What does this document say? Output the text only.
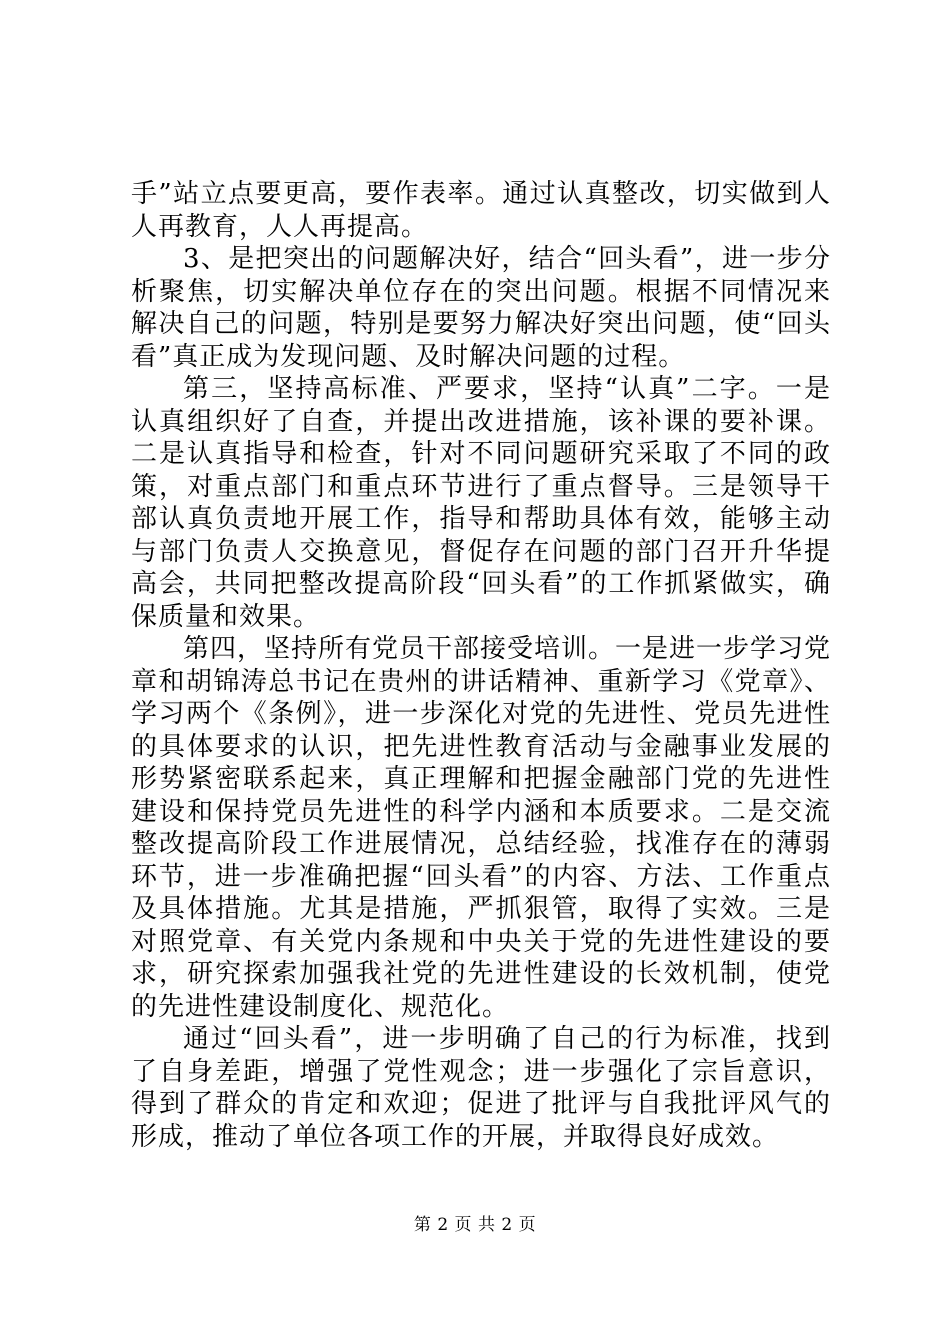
手”站立点要更高，要作表率。通过认真整改，切实做到人人再教育，人人再提高。

3、是把突出的问题解决好，结合“回头看”，进一步分析聚焦，切实解决单位存在的突出问题。根据不同情况来解决自己的问题，特别是要努力解决好突出问题，使“回头看”真正成为发现问题、及时解决问题的过程。

第三，坚持高标准、严要求，坚持“认真”二字。一是认真组织好了自查，并提出改进措施，该补课的要补课。二是认真指导和检查，针对不同问题研究采取了不同的政策，对重点部门和重点环节进行了重点督导。三是领导干部认真负责地开展工作，指导和帮助具体有效，能够主动与部门负责人交换意见，督促存在问题的部门召开升华提高会，共同把整改提高阶段“回头看”的工作抓紧做实，确保质量和效果。

第四，坚持所有党员干部接受培训。一是进一步学习党章和胡锦涛总书记在贵州的讲话精神、重新学习《党章》、学习两个《条例》，进一步深化对党的先进性、党员先进性的具体要求的认识，把先进性教育活动与金融事业发展的形势紧密联系起来，真正理解和把握金融部门党的先进性建设和保持党员先进性的科学内涵和本质要求。二是交流整改提高阶段工作进展情况，总结经验，找准存在的薄弱环节，进一步准确把握“回头看”的内容、方法、工作重点及具体措施。尤其是措施，严抓狠管，取得了实效。三是对照党章、有关党内条规和中央关于党的先进性建设的要求，研究探索加强我社党的先进性建设的长效机制，使党的先进性建设制度化、规范化。

通过“回头看”，进一步明确了自己的行为标准，找到了自身差距，增强了党性观念；进一步强化了宗旨意识，得到了群众的肯定和欢迎；促进了批评与自我批评风气的形成，推动了单位各项工作的开展，并取得良好成效。

第 2 页 共 2 页
